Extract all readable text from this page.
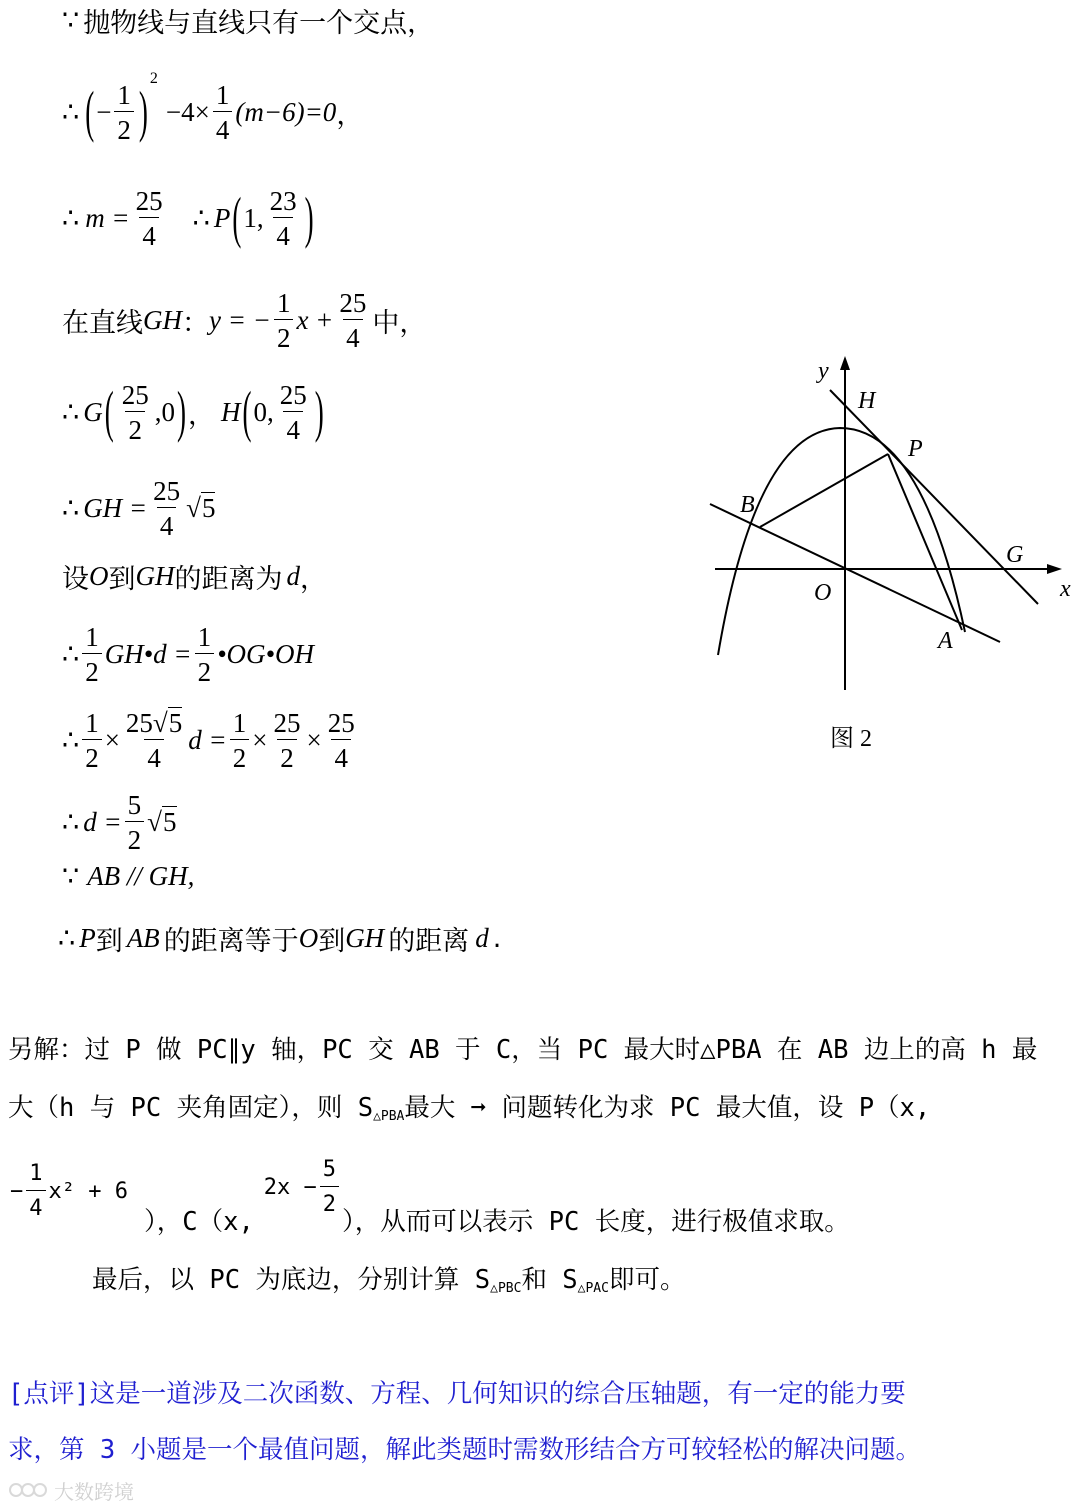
∵ 抛物线与直线只有一个交点，
∴ ( − $\frac{1}{2}$ )
2
$-4\times \frac{1}{4} (m-6)=0$ ，
∴ $m = \frac{25}{4}$ ∴ P ( 1, $\frac{23}{4}$ )
在直线 GH ： y = − $\frac{1}{2}$ $x + \frac{25}{4}$ 中，
∴ G ( $\frac{25}{2} ,0$ ) ， H ( 0, $\frac{25}{4}$ )
∴ GH = $\frac{25}{4} √5$
设 O 到 GH 的距离为 d ，
∴ $\frac{1}{2}$ GH•d = $\frac{1}{2}$ •OG•OH
∴ $\frac{1}{2} \times \frac{25√5}{4}$ $d = \frac{1}{2} \times \frac{25}{2} \times \frac{25}{4}$
∴ $d = \frac{5}{2} √5$
∵ AB // GH,
∴ P 到 AB 的距离等于 O 到 GH 的距离 d .
y
H
P
B
G
x
O
A
图 2
另解：过 P 做 PC∥y 轴，PC 交 AB 于 C，当 PC 最大时△PBA 在 AB 边上的高 h 最
大（h 与 PC 夹角固定），则 $S_{\triangle PBA}$最大 ➞ 问题转化为求 PC 最大值，设 P（x,
− $\frac{1}{4} x^2 + 6$
），C（x,
$2x - \frac{5}{2}$
），从而可以表示 PC 长度，进行极值求取。
最后，以 PC 为底边，分别计算 $S_{\triangle PBC}$和 $S_{\triangle PAC}$即可。
[点评]这是一道涉及二次函数、方程、几何知识的综合压轴题，有一定的能力要
求，第 3 小题是一个最值问题，解此类题时需数形结合方可较轻松的解决问题。
大数跨境
